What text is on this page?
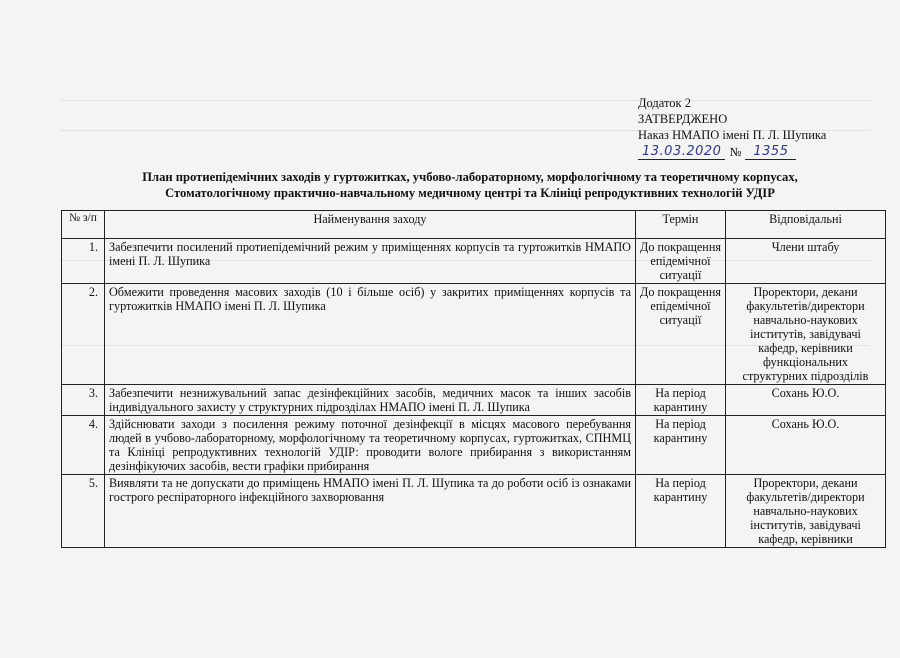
Додаток 2
ЗАТВЕРДЖЕНО
Наказ НМАПО імені П. Л. Шупика
13.03.2020 № 1355
План протиепідемічних заходів у гуртожитках, учбово-лабораторному, морфологічному та теоретичному корпусах,
Стоматологічному практично-навчальному медичному центрі та Клініці репродуктивних технологій УДІР
№ з/п	Найменування заходу	Термін	Відповідальні
1.	Забезпечити посилений протиепідемічний режим у приміщеннях корпусів та гуртожитків НМАПО імені П. Л. Шупика	До покращення епідемічної ситуації	Члени штабу
2.	Обмежити проведення масових заходів (10 і більше осіб) у закритих приміщеннях корпусів та гуртожитків НМАПО імені П. Л. Шупика	До покращення епідемічної ситуації	Проректори, декани факультетів/директори навчально-наукових інститутів, завідувачі кафедр, керівники функціональних структурних підрозділів
3.	Забезпечити незнижувальний запас дезінфекційних засобів, медичних масок та інших засобів індивідуального захисту у структурних підрозділах НМАПО імені П. Л. Шупика	На період карантину	Сохань Ю.О.
4.	Здійснювати заходи з посилення режиму поточної дезінфекції в місцях масового перебування людей в учбово-лабораторному, морфологічному та теоретичному корпусах, гуртожитках, СПНМЦ та Клініці репродуктивних технологій УДІР: проводити вологе прибирання з використанням дезінфікуючих засобів, вести графіки прибирання	На період карантину	Сохань Ю.О.
5.	Виявляти та не допускати до приміщень НМАПО імені П. Л. Шупика та до роботи осіб із ознаками гострого респіраторного інфекційного захворювання	На період карантину	Проректори, декани факультетів/директори навчально-наукових інститутів, завідувачі кафедр, керівники
